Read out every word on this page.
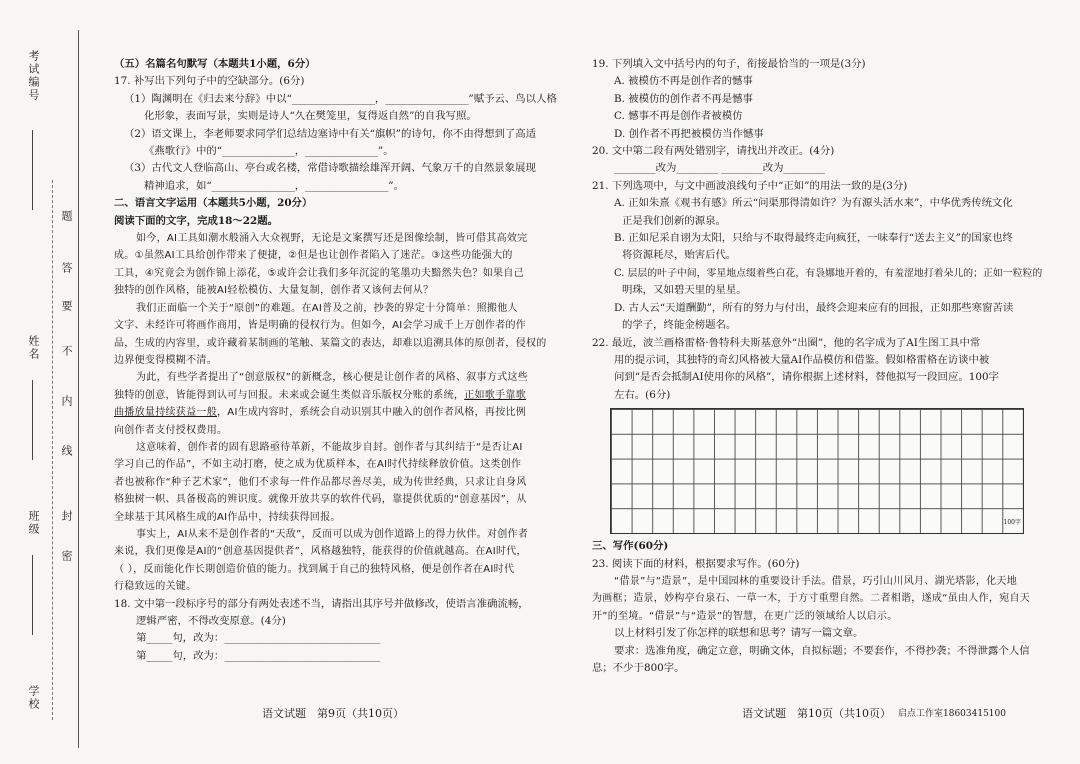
考试编号
姓名
班级
学校
题
答
要
不
内
线
封
密

（五）名篇名句默写（本题共1小题，6分）

17. 补写出下列句子中的空缺部分。(6分)

（1）陶渊明在《归去来兮辞》中以“________________，________________”赋予云、鸟以人格

化形象，表面写景，实则是诗人“久在樊笼里，复得返自然”的自我写照。

（2）语文课上，李老师要求同学们总结边塞诗中有关“旗帜”的诗句，你不由得想到了高适

《燕歌行》中的“______________，______________”。

（3）古代文人登临高山、亭台或名楼，常借诗歌描绘雄浑开阔、气象万千的自然景象展现

精神追求，如“________________，________________”。

二、语言文字运用（本题共5小题，20分）

阅读下面的文字，完成18～22题。

如今，AI工具如潮水般涌入大众视野，无论是文案撰写还是图像绘制，皆可借其高效完

成。①虽然AI工具给创作带来了便捷，②但是也让创作者陷入了迷茫。③这些功能强大的

工具，④究竟会为创作锦上添花，⑤或许会让我们多年沉淀的笔墨功夫黯然失色？如果自己

独特的创作风格，能被AI轻松模仿、大量复制，创作者又该何去何从？

我们正面临一个关于“原创”的难题。在AI普及之前，抄袭的界定十分简单：照搬他人

文字、未经许可将画作商用，皆是明确的侵权行为。但如今，AI会学习成千上万创作者的作

品，生成的内容里，或许藏着某制画的笔触、某篇文的表达，却难以追溯具体的原创者，侵权的

边界便变得模糊不清。

为此，有些学者提出了“创意版权”的新概念，核心便是让创作者的风格、叙事方式这些

独特的创意，皆能得到认可与回报。未来或会诞生类似音乐版权分账的系统，正如歌手靠歌

曲播放量持续获益一般，AI生成内容时，系统会自动识别其中融入的创作者风格，再按比例

向创作者支付授权费用。

这意味着，创作者的固有思路亟待革新，不能故步自封。创作者与其纠结于“是否让AI

学习自己的作品”，不如主动打磨，使之成为优质样本，在AI时代持续释放价值。这类创作

者也被称作“种子艺术家”，他们不求每一件作品都尽善尽美，成为传世经典，只求让自身风

格独树一帜、具备极高的辨识度。就像开放共享的软件代码，靠提供优质的“创意基因”，从

全球基于其风格生成的AI作品中，持续获得回报。

事实上，AI从来不是创作者的“天敌”，反而可以成为创作道路上的得力伙伴。对创作者

来说，我们更像是AI的“创意基因提供者”，风格越独特，能获得的价值就越高。在AI时代，

（ ），反而能化作长期创造价值的能力。找到属于自己的独特风格，便是创作者在AI时代

行稳致远的关键。

18. 文中第一段标序号的部分有两处表述不当，请指出其序号并做修改，使语言准确流畅，

逻辑严密，不得改变原意。(4分)

第_____句，改为：______________________________

第_____句，改为：______________________________

19. 下列填入文中括号内的句子，衔接最恰当的一项是(3分)

A. 被模仿不再是创作者的憾事

B. 被模仿的创作者不再是憾事

C. 憾事不再是创作者被模仿

D. 创作者不再把被模仿当作憾事

20. 文中第二段有两处错别字，请找出并改正。(4分)

________改为________ ________改为________

21. 下列选项中，与文中画波浪线句子中“正如”的用法一致的是(3分)

A. 正如朱熹《观书有感》所云“问渠那得清如许？为有源头活水来”，中华优秀传统文化

正是我们创新的源泉。

B. 正如尼采自诩为太阳，只给与不取得最终走向疯狂，一味奉行“送去主义”的国家也终

将资源耗尽，贻害后代。

C. 层层的叶子中间，零星地点缀着些白花，有袅娜地开着的，有羞涩地打着朵儿的；正如一粒粒的

明珠，又如碧天里的星星。

D. 古人云“天道酬勤”，所有的努力与付出，最终会迎来应有的回报，正如那些寒窗苦读

的学子，终能金榜题名。

22. 最近，波兰画格雷格·鲁特科夫斯基意外“出圈”，他的名字成为了AI生图工具中常

用的提示词，其独特的奇幻风格被大量AI作品模仿和借鉴。假如格雷格在访谈中被

问到“是否会抵制AI使用你的风格”，请你根据上述材料，替他拟写一段回应。100字

左右。(6分)

100字

三、写作(60分)

23. 阅读下面的材料，根据要求写作。(60分)

“借景”与“造景”，是中国园林的重要设计手法。借景，巧引山川风月、湖光塔影，化天地

为画框；造景，妙构亭台泉石、一草一木，于方寸重塑自然。二者相谐，遂成“虽由人作，宛自天

开”的至境。“借景”与“造景”的智慧，在更广泛的领域给人以启示。

以上材料引发了你怎样的联想和思考？请写一篇文章。

要求：选准角度，确定立意，明确文体，自拟标题；不要套作，不得抄袭；不得泄露个人信

息；不少于800字。

语文试题　第9页（共10页）	语文试题　第10页（共10页） 启点工作室18603415100
